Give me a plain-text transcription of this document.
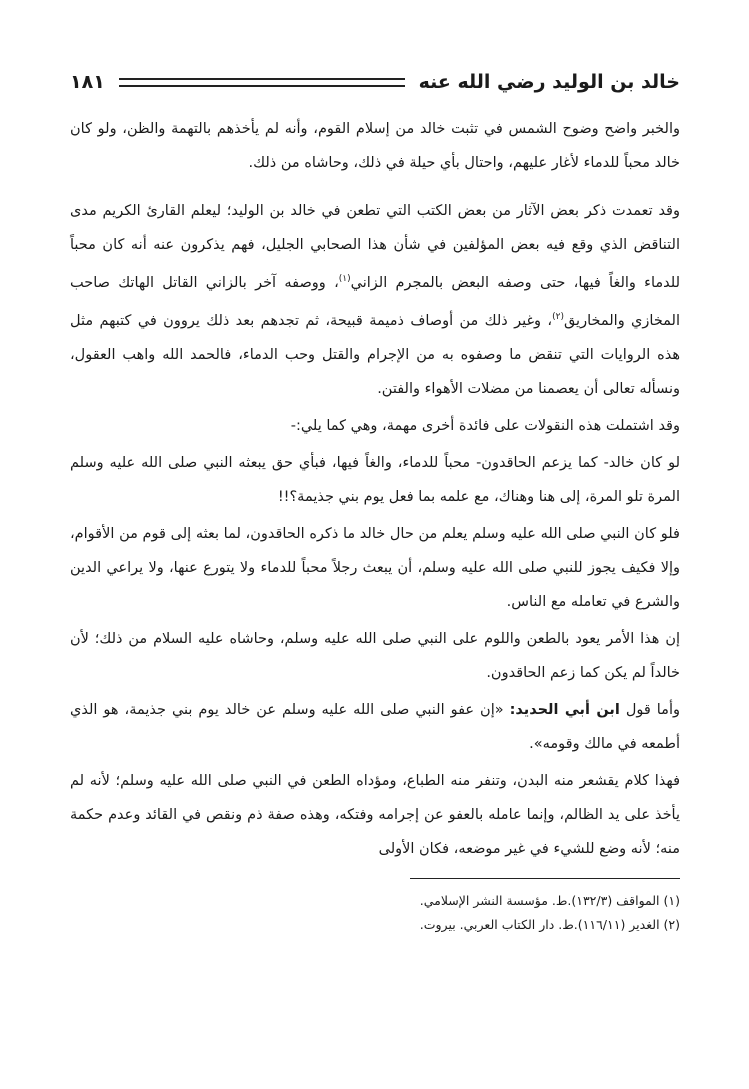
خالد بن الوليد رضي الله عنه
١٨١

والخبر واضح وضوح الشمس في تثبت خالد من إسلام القوم، وأنه لم يأخذهم بالتهمة والظن، ولو كان خالد محباً للدماء لأغار عليهم، واحتال بأي حيلة في ذلك، وحاشاه من ذلك.

وقد تعمدت ذكر بعض الآثار من بعض الكتب التي تطعن في خالد بن الوليد؛ ليعلم القارئ الكريم مدى التناقض الذي وقع فيه بعض المؤلفين في شأن هذا الصحابي الجليل، فهم يذكرون عنه أنه كان محباً للدماء والغاً فيها، حتى وصفه البعض بالمجرم الزاني$^{(١)}$، ووصفه آخر بالزاني القاتل الهاتك صاحب المخازي والمخاريق$^{(٢)}$، وغير ذلك من أوصاف ذميمة قبيحة، ثم تجدهم بعد ذلك يروون في كتبهم مثل هذه الروايات التي تنقض ما وصفوه به من الإجرام والقتل وحب الدماء، فالحمد الله واهب العقول، ونسأله تعالى أن يعصمنا من مضلات الأهواء والفتن.

وقد اشتملت هذه النقولات على فائدة أخرى مهمة، وهي كما يلي:-

لو كان خالد- كما يزعم الحاقدون- محباً للدماء، والغاً فيها، فبأي حق يبعثه النبي صلى الله عليه وسلم المرة تلو المرة، إلى هنا وهناك، مع علمه بما فعل يوم بني جذيمة؟!!

فلو كان النبي صلى الله عليه وسلم يعلم من حال خالد ما ذكره الحاقدون، لما بعثه إلى قوم من الأقوام، وإلا فكيف يجوز للنبي صلى الله عليه وسلم، أن يبعث رجلاً محباً للدماء ولا يتورع عنها، ولا يراعي الدين والشرع في تعامله مع الناس.

إن هذا الأمر يعود بالطعن واللوم على النبي صلى الله عليه وسلم، وحاشاه عليه السلام من ذلك؛ لأن خالداً لم يكن كما زعم الحاقدون.

وأما قول ابن أبي الحديد: «إن عفو النبي صلى الله عليه وسلم عن خالد يوم بني جذيمة، هو الذي أطمعه في مالك وقومه».

فهذا كلام يقشعر منه البدن، وتنفر منه الطباع، ومؤداه الطعن في النبي صلى الله عليه وسلم؛ لأنه لم يأخذ على يد الظالم، وإنما عامله بالعفو عن إجرامه وفتكه، وهذه صفة ذم ونقص في القائد وعدم حكمة منه؛ لأنه وضع للشيء في غير موضعه، فكان الأولى

(١) المواقف (١٣٢/٣).ط. مؤسسة النشر الإسلامي.

(٢) الغدير (١١٦/١١).ط. دار الكتاب العربي. بيروت.
